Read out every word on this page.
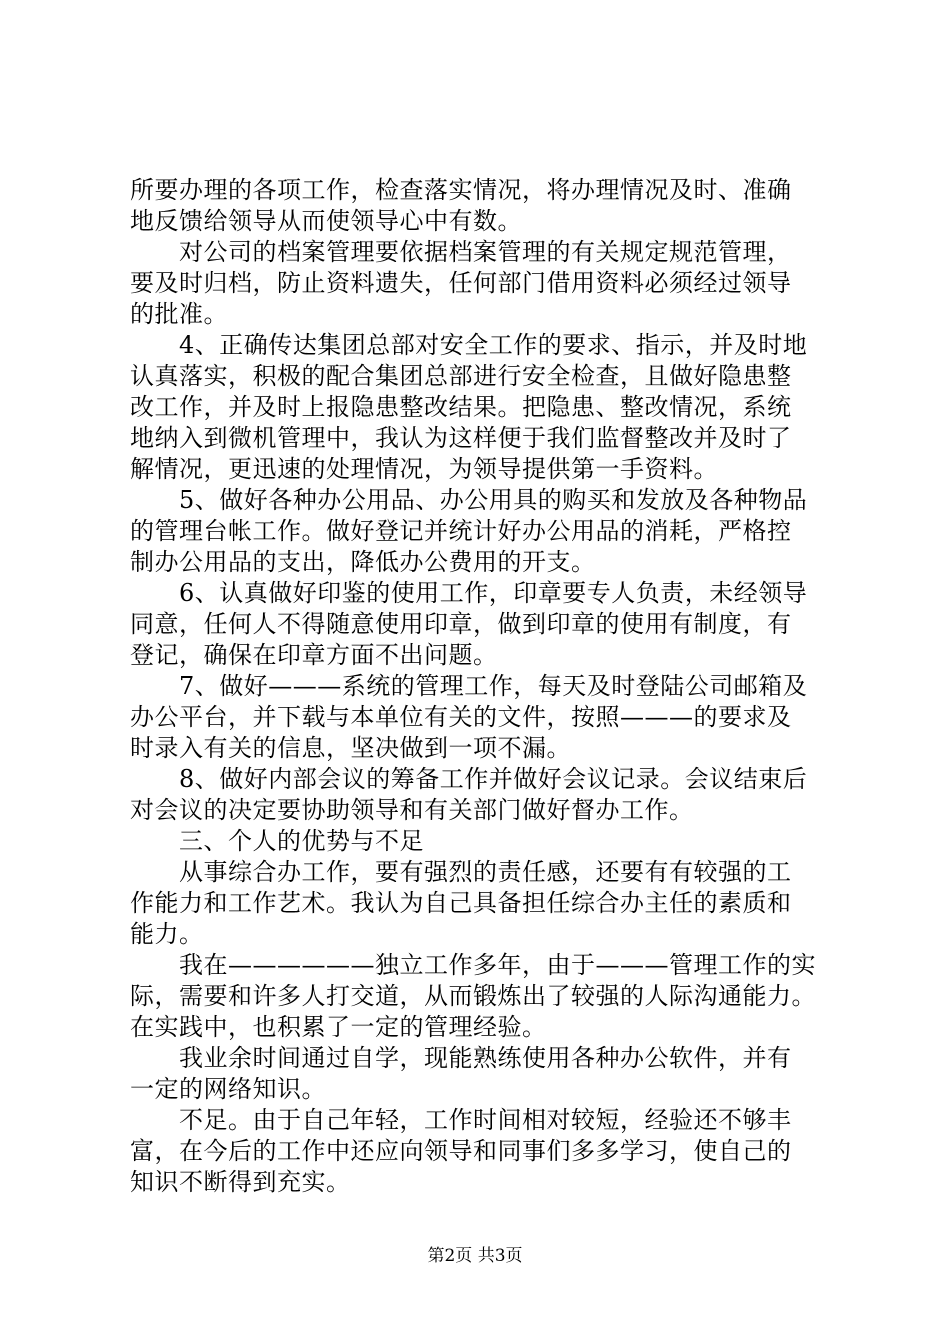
所要办理的各项工作，检查落实情况，将办理情况及时、准确
地反馈给领导从而使领导心中有数。
　　对公司的档案管理要依据档案管理的有关规定规范管理，
要及时归档，防止资料遗失，任何部门借用资料必须经过领导
的批准。
　　4、正确传达集团总部对安全工作的要求、指示，并及时地
认真落实，积极的配合集团总部进行安全检查，且做好隐患整
改工作，并及时上报隐患整改结果。把隐患、整改情况，系统
地纳入到微机管理中，我认为这样便于我们监督整改并及时了
解情况，更迅速的处理情况，为领导提供第一手资料。
　　5、做好各种办公用品、办公用具的购买和发放及各种物品
的管理台帐工作。做好登记并统计好办公用品的消耗，严格控
制办公用品的支出，降低办公费用的开支。
　　6、认真做好印鉴的使用工作，印章要专人负责，未经领导
同意，任何人不得随意使用印章，做到印章的使用有制度，有
登记，确保在印章方面不出问题。
　　7、做好———系统的管理工作，每天及时登陆公司邮箱及
办公平台，并下载与本单位有关的文件，按照———的要求及
时录入有关的信息，坚决做到一项不漏。
　　8、做好内部会议的筹备工作并做好会议记录。会议结束后
对会议的决定要协助领导和有关部门做好督办工作。
　　三、个人的优势与不足
　　从事综合办工作，要有强烈的责任感，还要有有较强的工
作能力和工作艺术。我认为自己具备担任综合办主任的素质和
能力。
　　我在——————独立工作多年，由于———管理工作的实
际，需要和许多人打交道，从而锻炼出了较强的人际沟通能力。
在实践中，也积累了一定的管理经验。
　　我业余时间通过自学，现能熟练使用各种办公软件，并有
一定的网络知识。
　　不足。由于自己年轻，工作时间相对较短，经验还不够丰
富，在今后的工作中还应向领导和同事们多多学习，使自己的
知识不断得到充实。
第2页 共3页
